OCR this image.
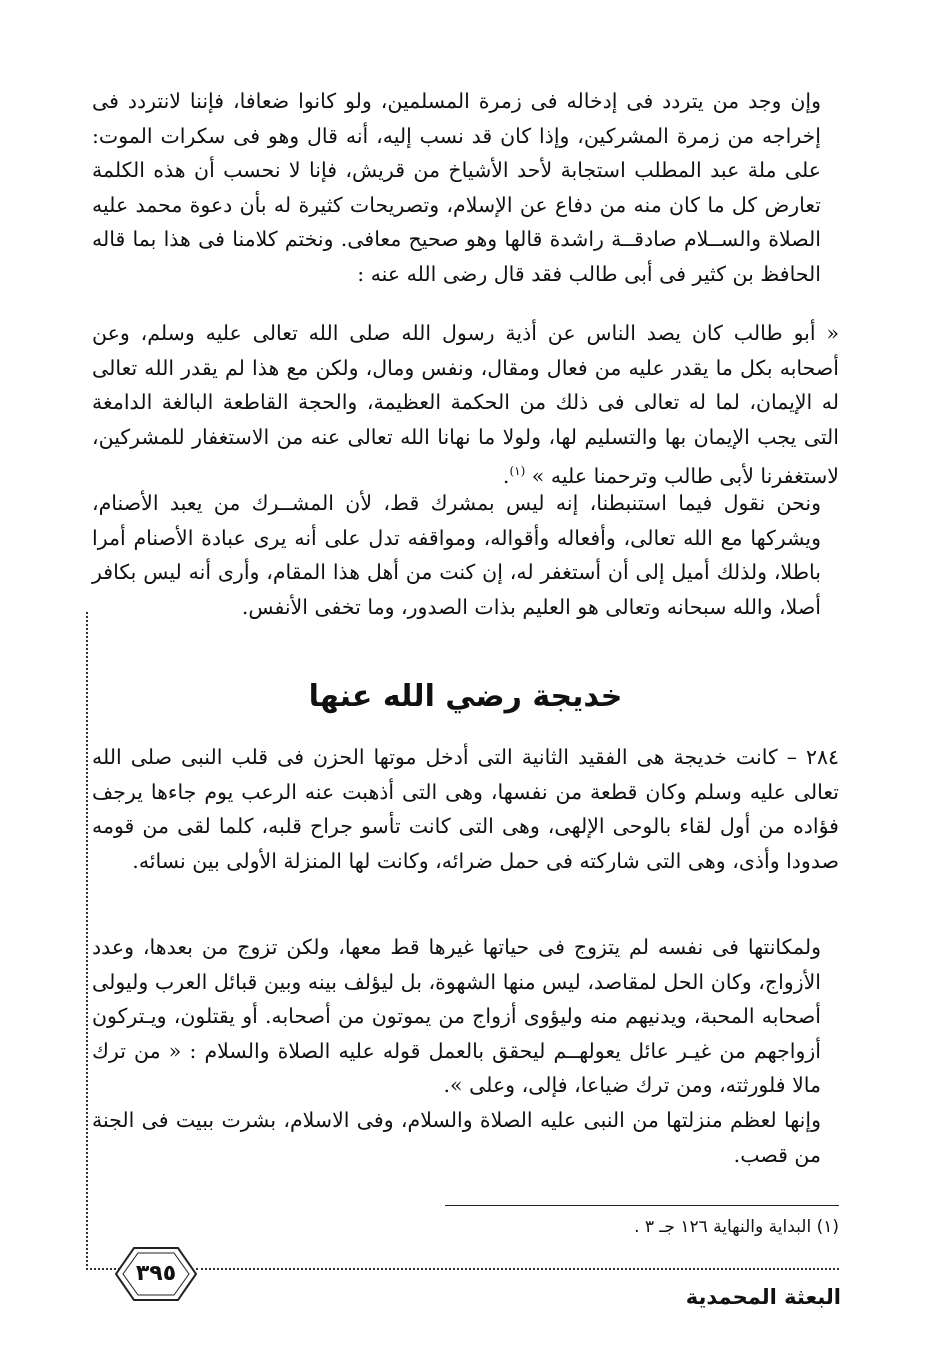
وإن وجد من يتردد فى إدخاله فى زمرة المسلمين، ولو كانوا ضعافا، فإننا لانتردد فى إخراجه من زمرة المشركين، وإذا كان قد نسب إليه، أنه قال وهو فى سكرات الموت: على ملة عبد المطلب استجابة لأحد الأشياخ من قريش، فإنا لا نحسب أن هذه الكلمة تعارض كل ما كان منه من دفاع عن الإسلام، وتصريحات كثيرة له بأن دعوة محمد عليه الصلاة والســلام صادقــة راشدة قالها وهو صحيح معافى. ونختم كلامنا فى هذا بما قاله الحافظ بن كثير فى أبى طالب فقد قال رضى الله عنه :

« أبو طالب كان يصد الناس عن أذية رسول الله صلى الله تعالى عليه وسلم، وعن أصحابه بكل ما يقدر عليه من فعال ومقال، ونفس ومال، ولكن مع هذا لم يقدر الله تعالى له الإيمان، لما له تعالى فى ذلك من الحكمة العظيمة، والحجة القاطعة البالغة الدامغة التى يجب الإيمان بها والتسليم لها، ولولا ما نهانا الله تعالى عنه من الاستغفار للمشركين، لاستغفرنا لأبى طالب وترحمنا عليه » $^{(١)}$.

ونحن نقول فيما استنبطنا، إنه ليس بمشرك قط، لأن المشــرك من يعبد الأصنام، ويشركها مع الله تعالى، وأفعاله وأقواله، ومواقفه تدل على أنه يرى عبادة الأصنام أمرا باطلا، ولذلك أميل إلى أن أستغفر له، إن كنت من أهل هذا المقام، وأرى أنه ليس بكافر أصلا، والله سبحانه وتعالى هو العليم بذات الصدور، وما تخفى الأنفس.

خديجة رضي الله عنها

٢٨٤ – كانت خديجة هى الفقيد الثانية التى أدخل موتها الحزن فى قلب النبى صلى الله تعالى عليه وسلم وكان قطعة من نفسها، وهى التى أذهبت عنه الرعب يوم جاءها يرجف فؤاده من أول لقاء بالوحى الإلهى، وهى التى كانت تأسو جراح قلبه، كلما لقى من قومه صدودا وأذى، وهى التى شاركته فى حمل ضرائه، وكانت لها المنزلة الأولى بين نسائه.

ولمكانتها فى نفسه لم يتزوج فى حياتها غيرها قط معها، ولكن تزوج من بعدها، وعدد الأزواج، وكان الحل لمقاصد، ليس منها الشهوة، بل ليؤلف بينه وبين قبائل العرب وليولى أصحابه المحبة، ويدنيهم منه وليؤوى أزواج من يموتون من أصحابه. أو يقتلون، ويـتركون أزواجهم من غيـر عائل يعولهــم ليحقق بالعمل قوله عليه الصلاة والسلام : « من ترك مالا فلورثته، ومن ترك ضياعا، فإلى، وعلى ».

وإنها لعظم منزلتها من النبى عليه الصلاة والسلام، وفى الاسلام، بشرت ببيت فى الجنة من قصب.

(١) البداية والنهاية ١٢٦ جـ ٣ .
٣٩٥
البعثة المحمدية
